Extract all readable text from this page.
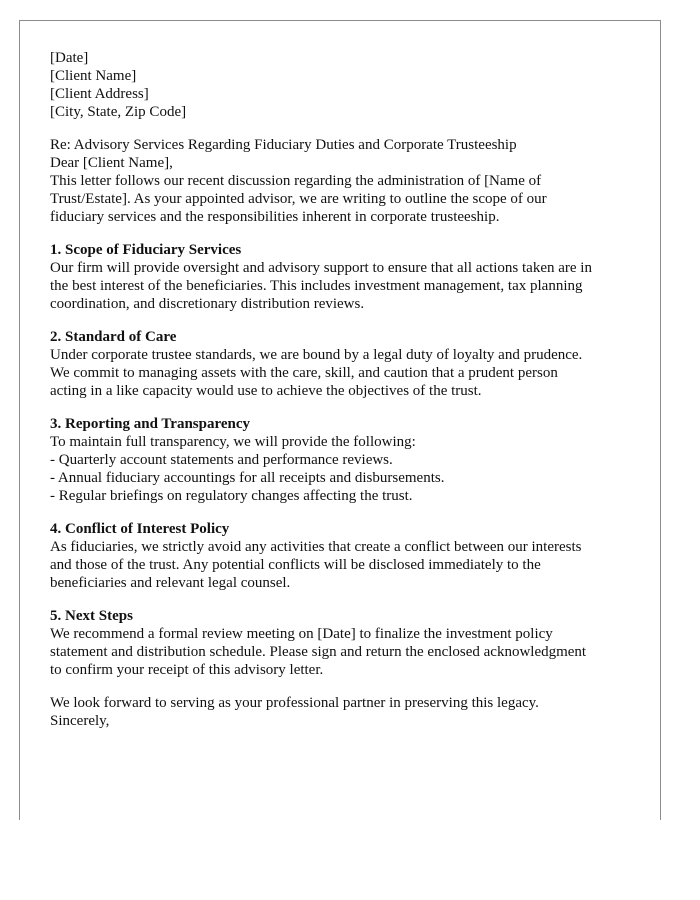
[Date]

[Client Name]
[Client Address]
[City, State, Zip Code]

Re: Advisory Services Regarding Fiduciary Duties and Corporate Trusteeship

Dear [Client Name],

This letter follows our recent discussion regarding the administration of [Name of
Trust/Estate]. As your appointed advisor, we are writing to outline the scope of our
fiduciary services and the responsibilities inherent in corporate trusteeship.
1. Scope of Fiduciary Services
Our firm will provide oversight and advisory support to ensure that all actions taken are in
the best interest of the beneficiaries. This includes investment management, tax planning
coordination, and discretionary distribution reviews.
2. Standard of Care
Under corporate trustee standards, we are bound by a legal duty of loyalty and prudence.
We commit to managing assets with the care, skill, and caution that a prudent person
acting in a like capacity would use to achieve the objectives of the trust.
3. Reporting and Transparency
To maintain full transparency, we will provide the following:
- Quarterly account statements and performance reviews.
- Annual fiduciary accountings for all receipts and disbursements.
- Regular briefings on regulatory changes affecting the trust.
4. Conflict of Interest Policy
As fiduciaries, we strictly avoid any activities that create a conflict between our interests
and those of the trust. Any potential conflicts will be disclosed immediately to the
beneficiaries and relevant legal counsel.
5. Next Steps
We recommend a formal review meeting on [Date] to finalize the investment policy
statement and distribution schedule. Please sign and return the enclosed acknowledgment
to confirm your receipt of this advisory letter.

We look forward to serving as your professional partner in preserving this legacy.

Sincerely,
